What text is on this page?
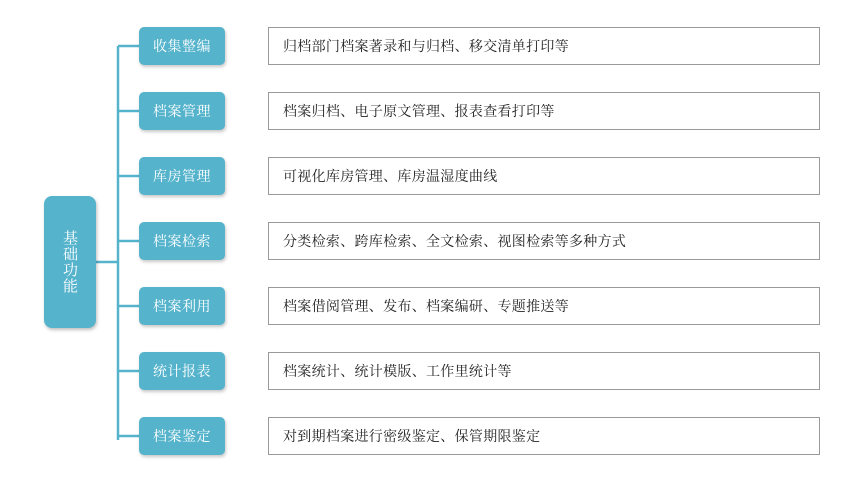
基础功能
收集整编	归档部门档案著录和与归档、移交清单打印等
档案管理	档案归档、电子原文管理、报表查看打印等
库房管理	可视化库房管理、库房温湿度曲线
档案检索	分类检索、跨库检索、全文检索、视图检索等多种方式
档案利用	档案借阅管理、发布、档案编研、专题推送等
统计报表	档案统计、统计模版、工作里统计等
档案鉴定	对到期档案进行密级鉴定、保管期限鉴定
